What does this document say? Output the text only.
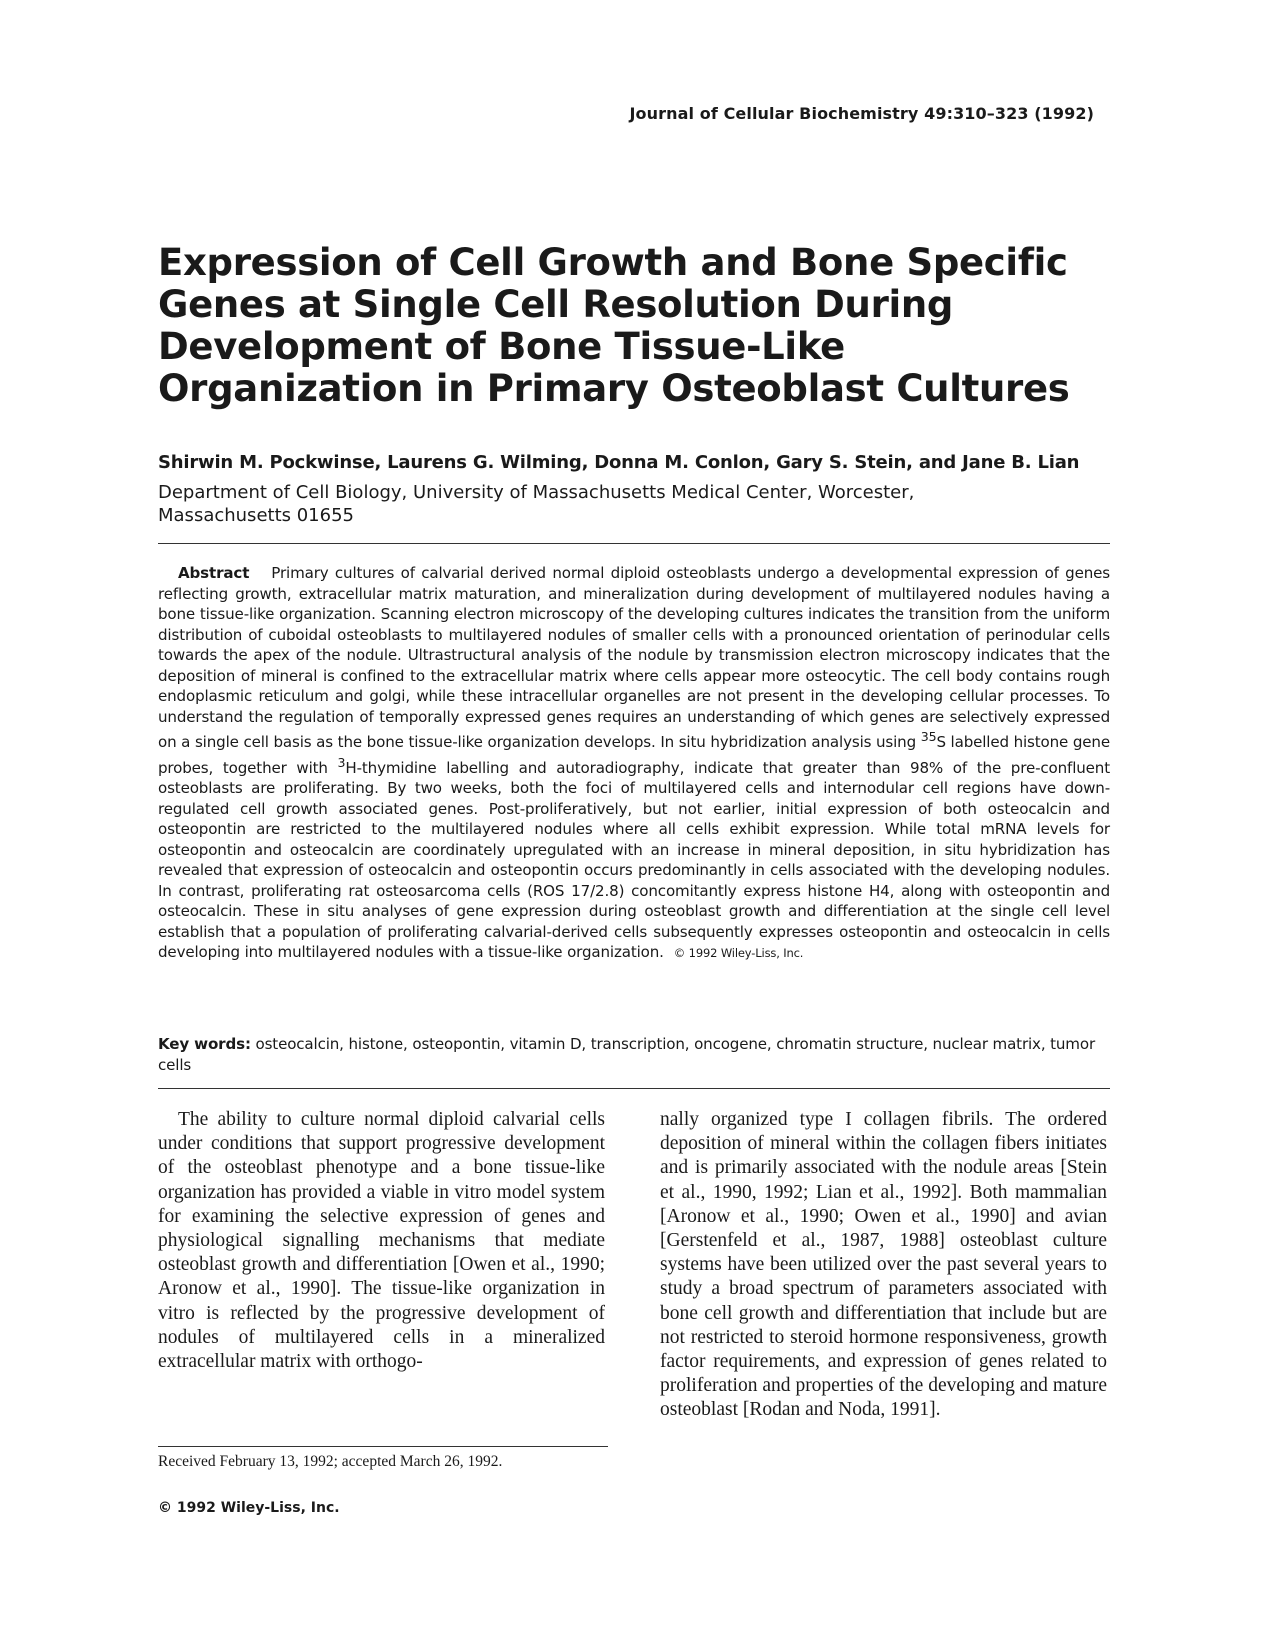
Journal of Cellular Biochemistry 49:310–323 (1992)
Expression of Cell Growth and Bone Specific Genes at Single Cell Resolution During Development of Bone Tissue-Like Organization in Primary Osteoblast Cultures
Shirwin M. Pockwinse, Laurens G. Wilming, Donna M. Conlon, Gary S. Stein, and Jane B. Lian
Department of Cell Biology, University of Massachusetts Medical Center, Worcester,
Massachusetts 01655
Abstract Primary cultures of calvarial derived normal diploid osteoblasts undergo a developmental expression of genes reflecting growth, extracellular matrix maturation, and mineralization during development of multilayered nodules having a bone tissue-like organization. Scanning electron microscopy of the developing cultures indicates the transition from the uniform distribution of cuboidal osteoblasts to multilayered nodules of smaller cells with a pronounced orientation of perinodular cells towards the apex of the nodule. Ultrastructural analysis of the nodule by transmission electron microscopy indicates that the deposition of mineral is confined to the extracellular matrix where cells appear more osteocytic. The cell body contains rough endoplasmic reticulum and golgi, while these intracellular organelles are not present in the developing cellular processes. To understand the regulation of temporally expressed genes requires an understanding of which genes are selectively expressed on a single cell basis as the bone tissue-like organization develops. In situ hybridization analysis using $^{35}$S labelled histone gene probes, together with $^3$H-thymidine labelling and autoradiography, indicate that greater than 98% of the pre-confluent osteoblasts are proliferating. By two weeks, both the foci of multilayered cells and internodular cell regions have down-regulated cell growth associated genes. Post-proliferatively, but not earlier, initial expression of both osteocalcin and osteopontin are restricted to the multilayered nodules where all cells exhibit expression. While total mRNA levels for osteopontin and osteocalcin are coordinately upregulated with an increase in mineral deposition, in situ hybridization has revealed that expression of osteocalcin and osteopontin occurs predominantly in cells associated with the developing nodules. In contrast, proliferating rat osteosarcoma cells (ROS 17/2.8) concomitantly express histone H4, along with osteopontin and osteocalcin. These in situ analyses of gene expression during osteoblast growth and differentiation at the single cell level establish that a population of proliferating calvarial-derived cells subsequently expresses osteopontin and osteocalcin in cells developing into multilayered nodules with a tissue-like organization. © 1992 Wiley-Liss, Inc.
Key words: osteocalcin, histone, osteopontin, vitamin D, transcription, oncogene, chromatin structure, nuclear matrix, tumor cells

The ability to culture normal diploid calvarial cells under conditions that support progressive development of the osteoblast phenotype and a bone tissue-like organization has provided a viable in vitro model system for examining the selective expression of genes and physiological signalling mechanisms that mediate osteoblast growth and differentiation [Owen et al., 1990; Aronow et al., 1990]. The tissue-like organization in vitro is reflected by the progressive development of nodules of multilayered cells in a mineralized extracellular matrix with orthogo-

nally organized type I collagen fibrils. The ordered deposition of mineral within the collagen fibers initiates and is primarily associated with the nodule areas [Stein et al., 1990, 1992; Lian et al., 1992]. Both mammalian [Aronow et al., 1990; Owen et al., 1990] and avian [Gerstenfeld et al., 1987, 1988] osteoblast culture systems have been utilized over the past several years to study a broad spectrum of parameters associated with bone cell growth and differentiation that include but are not restricted to steroid hormone responsiveness, growth factor requirements, and expression of genes related to proliferation and properties of the developing and mature osteoblast [Rodan and Noda, 1991].

Received February 13, 1992; accepted March 26, 1992.
© 1992 Wiley-Liss, Inc.
